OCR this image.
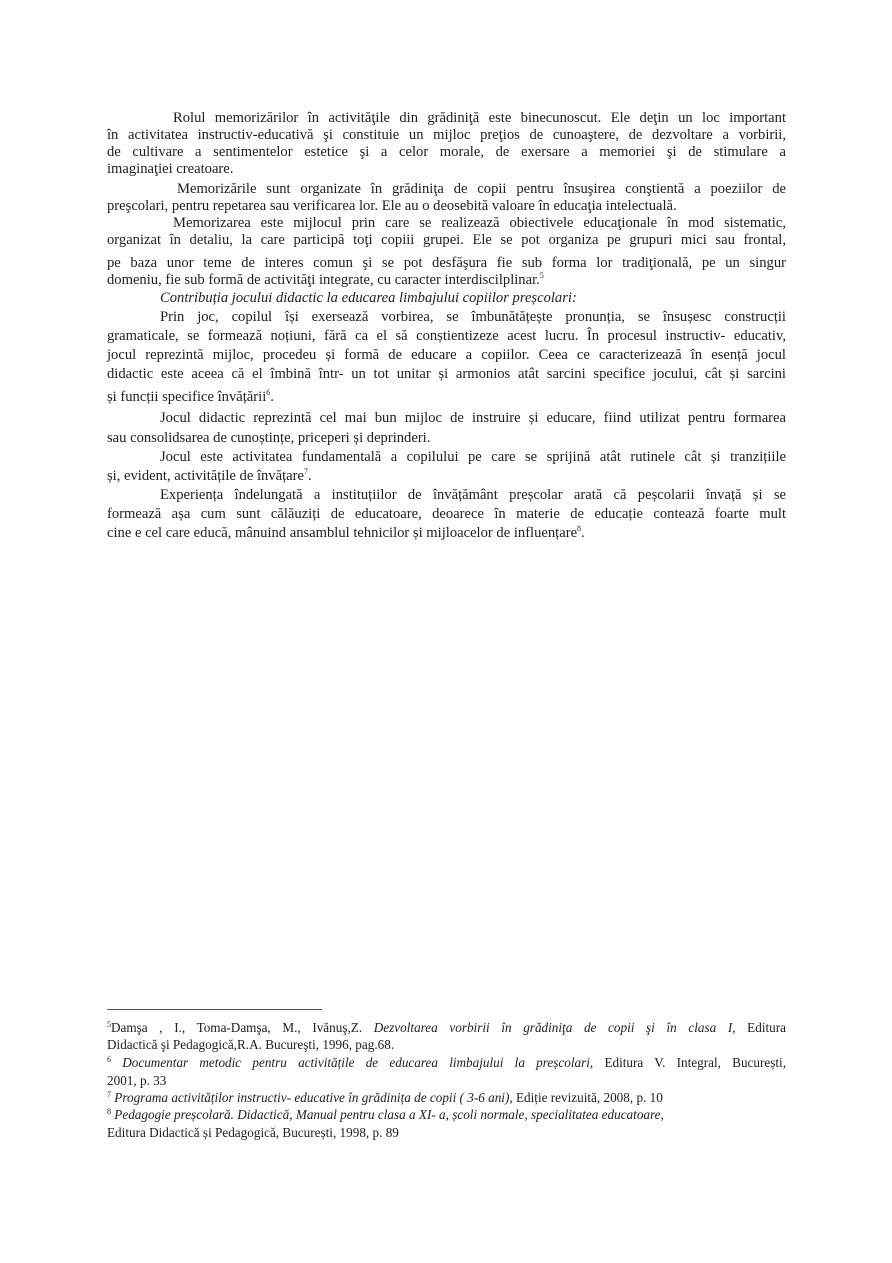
Rolul memorizărilor în activităţile din grădiniţă este binecunoscut. Ele deţin un loc important
în activitatea instructiv-educativă şi constituie un mijloc preţios de cunoaştere, de dezvoltare a vorbirii,
de cultivare a sentimentelor estetice şi a celor morale, de exersare a memoriei şi de stimulare a
imaginaţiei creatoare.
Memorizările sunt organizate în grădiniţa de copii pentru însuşirea conştientă a poeziilor de
preşcolari, pentru repetarea sau verificarea lor. Ele au o deosebită valoare în educaţia intelectuală.
Memorizarea este mijlocul prin care se realizează obiectivele educaţionale în mod sistematic,
organizat în detaliu, la care participă toţi copiii grupei. Ele se pot organiza pe grupuri mici sau frontal,
pe baza unor teme de interes comun şi se pot desfăşura fie sub forma lor tradiţională, pe un singur
domeniu, fie sub formă de activităţi integrate, cu caracter interdiscilplinar.$^5$
Contribuția jocului didactic la educarea limbajului copiilor preșcolari:
Prin joc, copilul își exersează vorbirea, se îmbunătățește pronunția, se însușesc construcții
gramaticale, se formează noțiuni, fără ca el să conștientizeze acest lucru. În procesul instructiv- educativ,
jocul reprezintă mijloc, procedeu și formă de educare a copiilor. Ceea ce caracterizează în esență jocul
didactic este aceea că el îmbină într- un tot unitar și armonios atât sarcini specifice jocului, cât și sarcini
și funcții specifice învățării$^6$.
Jocul didactic reprezintă cel mai bun mijloc de instruire și educare, fiind utilizat pentru formarea
sau consolidsarea de cunoștințe, priceperi și deprinderi.
Jocul este activitatea fundamentală a copilului pe care se sprijină atât rutinele cât și tranzițiile
și, evident, activitățile de învățare$^7$.
Experiența îndelungată a instituțiilor de învățământ preșcolar arată că peșcolarii învață și se
formează așa cum sunt călăuziți de educatoare, deoarece în materie de educație contează foarte mult
cine e cel care educă, mânuind ansamblul tehnicilor și mijloacelor de influențare$^8$.
$^5$Damşa , I., Toma-Damşa, M., Ivănuş,Z. Dezvoltarea vorbirii în grădiniţa de copii şi în clasa I, Editura
Didactică şi Pedagogică,R.A. Bucureşti, 1996, pag.68.
$^6$ Documentar metodic pentru activitățile de educarea limbajului la preșcolari, Editura V. Integral, București,
2001, p. 33
$^7$ Programa activităților instructiv- educative în grădinița de copii ( 3-6 ani), Ediție revizuită, 2008, p. 10
$^8$ Pedagogie preșcolară. Didactică, Manual pentru clasa a XI- a, școli normale, specialitatea educatoare,
Editura Didactică și Pedagogică, București, 1998, p. 89
